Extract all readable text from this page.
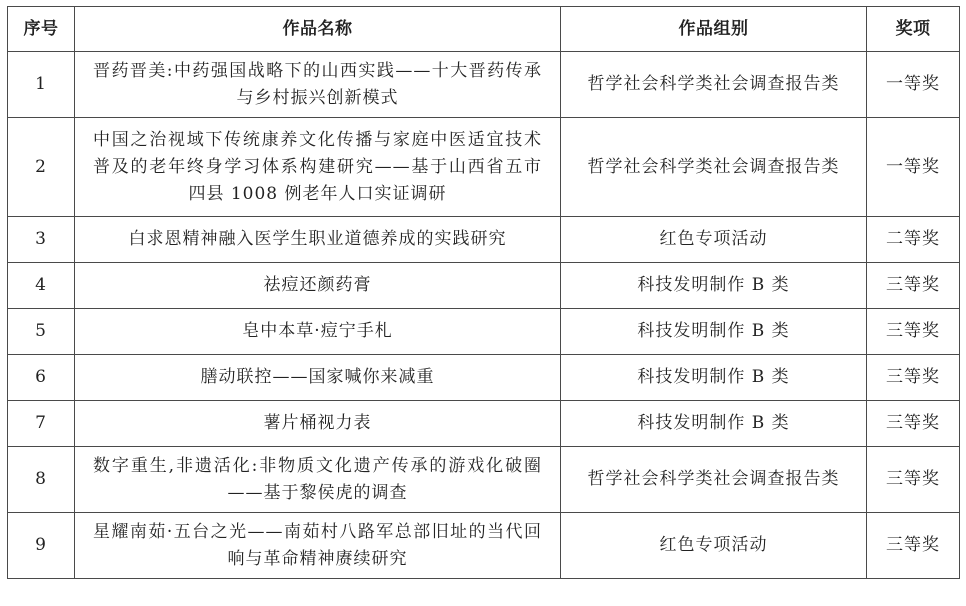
序号	作品名称	作品组别	奖项
1	晋药晋美:中药强国战略下的山西实践——十大晋药传承与乡村振兴创新模式	哲学社会科学类社会调查报告类	一等奖
2	中国之治视域下传统康养文化传播与家庭中医适宜技术普及的老年终身学习体系构建研究——基于山西省五市四县 1008 例老年人口实证调研	哲学社会科学类社会调查报告类	一等奖
3	白求恩精神融入医学生职业道德养成的实践研究	红色专项活动	二等奖
4	祛痘还颜药膏	科技发明制作 B 类	三等奖
5	皂中本草·痘宁手札	科技发明制作 B 类	三等奖
6	膳动联控——国家喊你来减重	科技发明制作 B 类	三等奖
7	薯片桶视力表	科技发明制作 B 类	三等奖
8	数字重生,非遗活化:非物质文化遗产传承的游戏化破圈——基于黎侯虎的调查	哲学社会科学类社会调查报告类	三等奖
9	星耀南茹·五台之光——南茹村八路军总部旧址的当代回响与革命精神赓续研究	红色专项活动	三等奖
